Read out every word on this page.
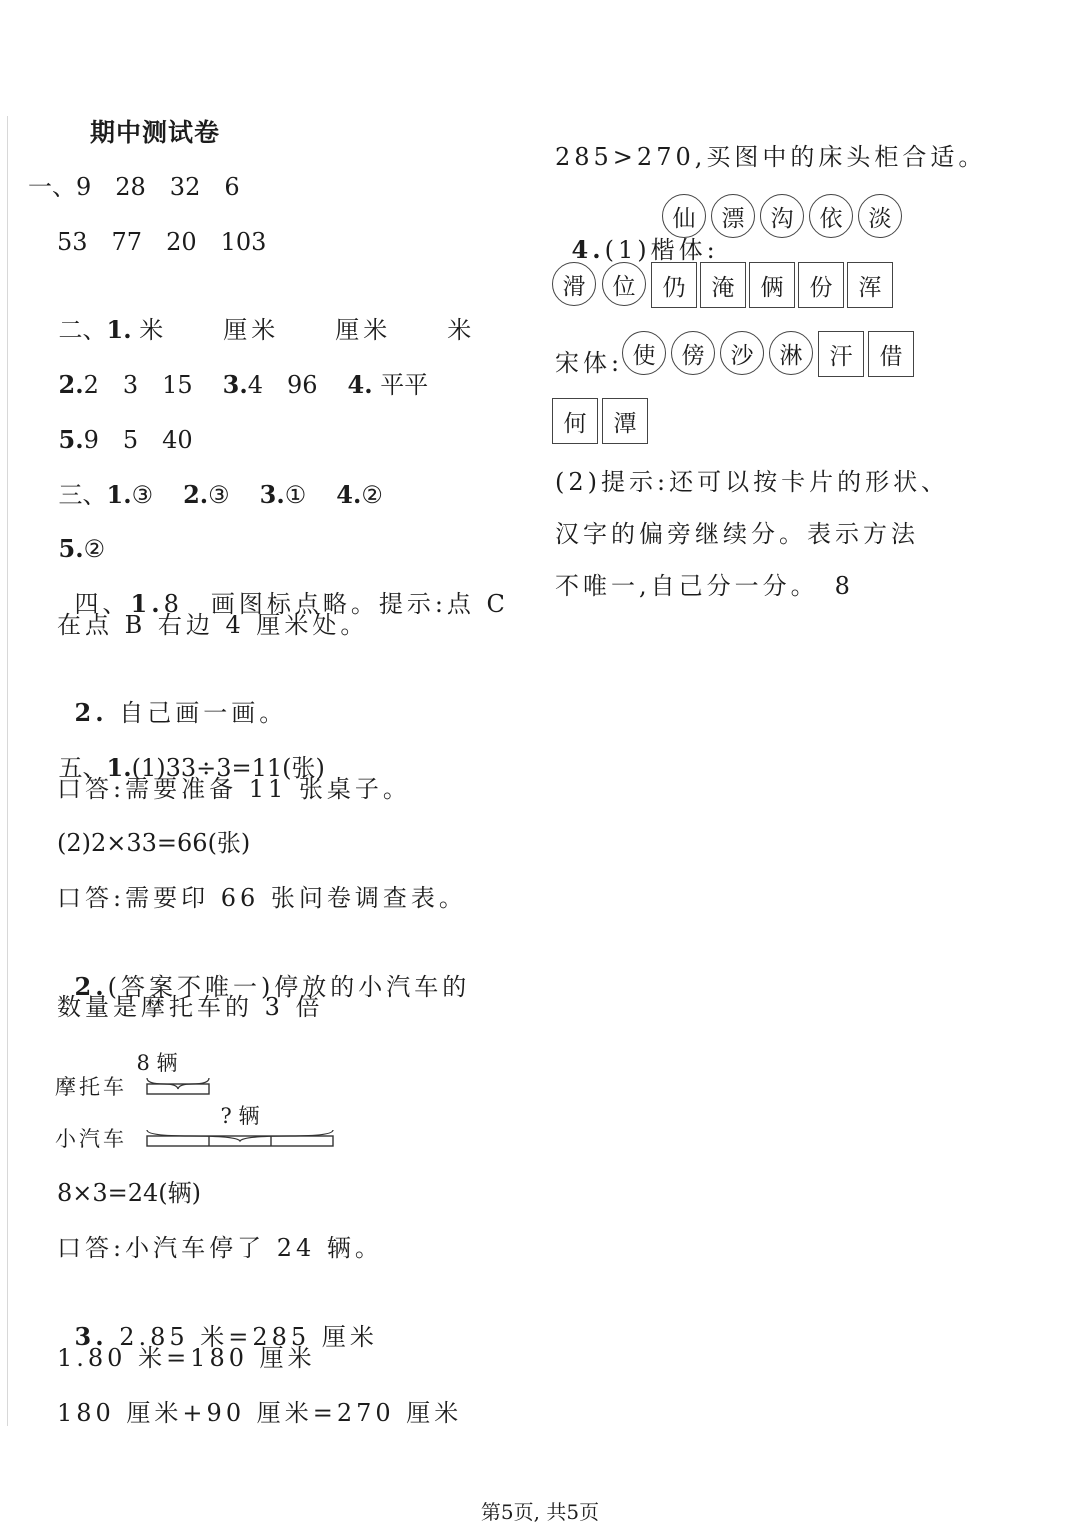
期中测试卷
一、9　28　32　6
53　77　20　103

二、1. 米　　厘米　　厘米　　米

2.2　3　15 3.4　96 4. 平平

5.9　5　40

三、1.③ 2.③ 3.① 4.②

5.②

四、1.8　画图标点略。提示:点 C

在点 B 右边 4 厘米处。

2. 自己画一画。

五、1.(1)33÷3=11(张)

口答:需要准备 11 张桌子。
(2)2×33=66(张)
口答:需要印 66 张问卷调查表。

2.(答案不唯一)停放的小汽车的

数量是摩托车的 3 倍
8 辆
摩托车
? 辆
小汽车
8×3=24(辆)
口答:小汽车停了 24 辆。

3. 2.85 米=285 厘米

1.80 米=180 厘米
180 厘米+90 厘米=270 厘米
285>270,买图中的床头柜合适。

4.(1)楷体:

仙	漂	沟	依	淡
滑	位	仍	淹	俩	份	浑
宋体: 使	傍	沙	淋	汗	借
何	潭
(2)提示:还可以按卡片的形状、
汉字的偏旁继续分。表示方法
不唯一,自己分一分。　8
第5页, 共5页
